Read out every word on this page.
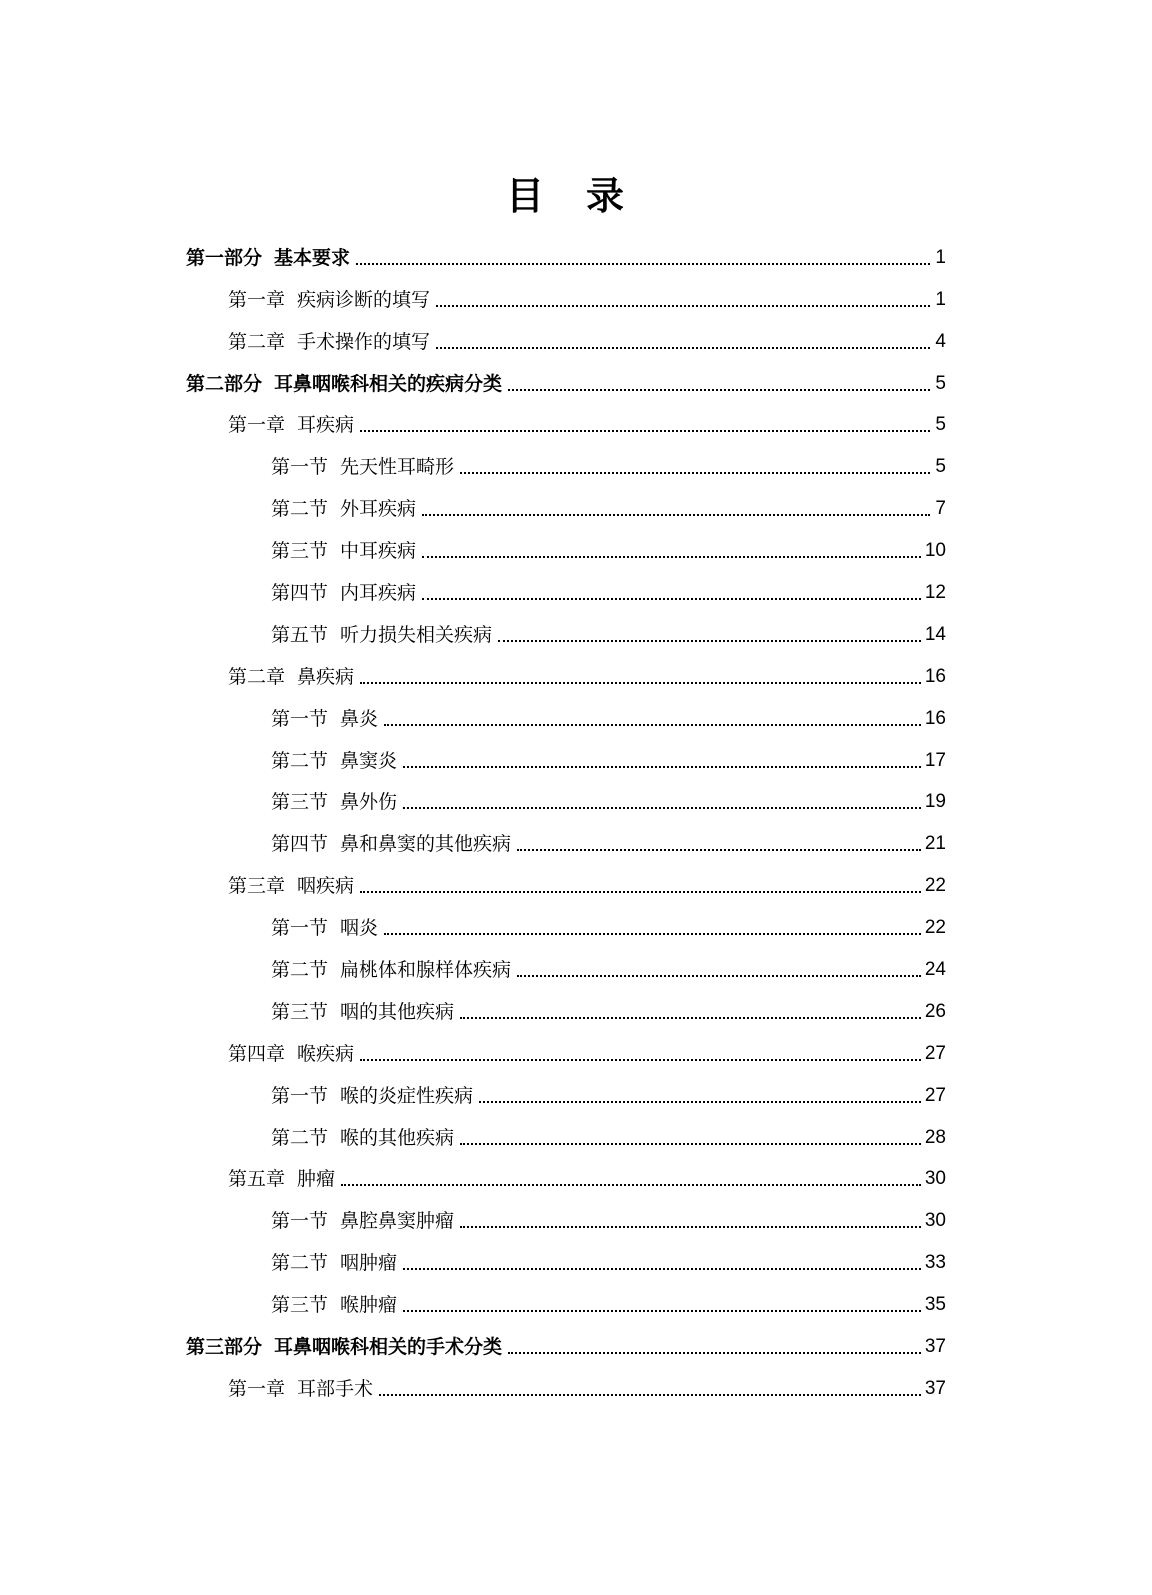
目 录
第一部分 基本要求	1
第一章 疾病诊断的填写	1
第二章 手术操作的填写	4
第二部分 耳鼻咽喉科相关的疾病分类	5
第一章 耳疾病	5
第一节 先天性耳畸形	5
第二节 外耳疾病	7
第三节 中耳疾病	10
第四节 内耳疾病	12
第五节 听力损失相关疾病	14
第二章 鼻疾病	16
第一节 鼻炎	16
第二节 鼻窦炎	17
第三节 鼻外伤	19
第四节 鼻和鼻窦的其他疾病	21
第三章 咽疾病	22
第一节 咽炎	22
第二节 扁桃体和腺样体疾病	24
第三节 咽的其他疾病	26
第四章 喉疾病	27
第一节 喉的炎症性疾病	27
第二节 喉的其他疾病	28
第五章 肿瘤	30
第一节 鼻腔鼻窦肿瘤	30
第二节 咽肿瘤	33
第三节 喉肿瘤	35
第三部分 耳鼻咽喉科相关的手术分类	37
第一章 耳部手术	37
